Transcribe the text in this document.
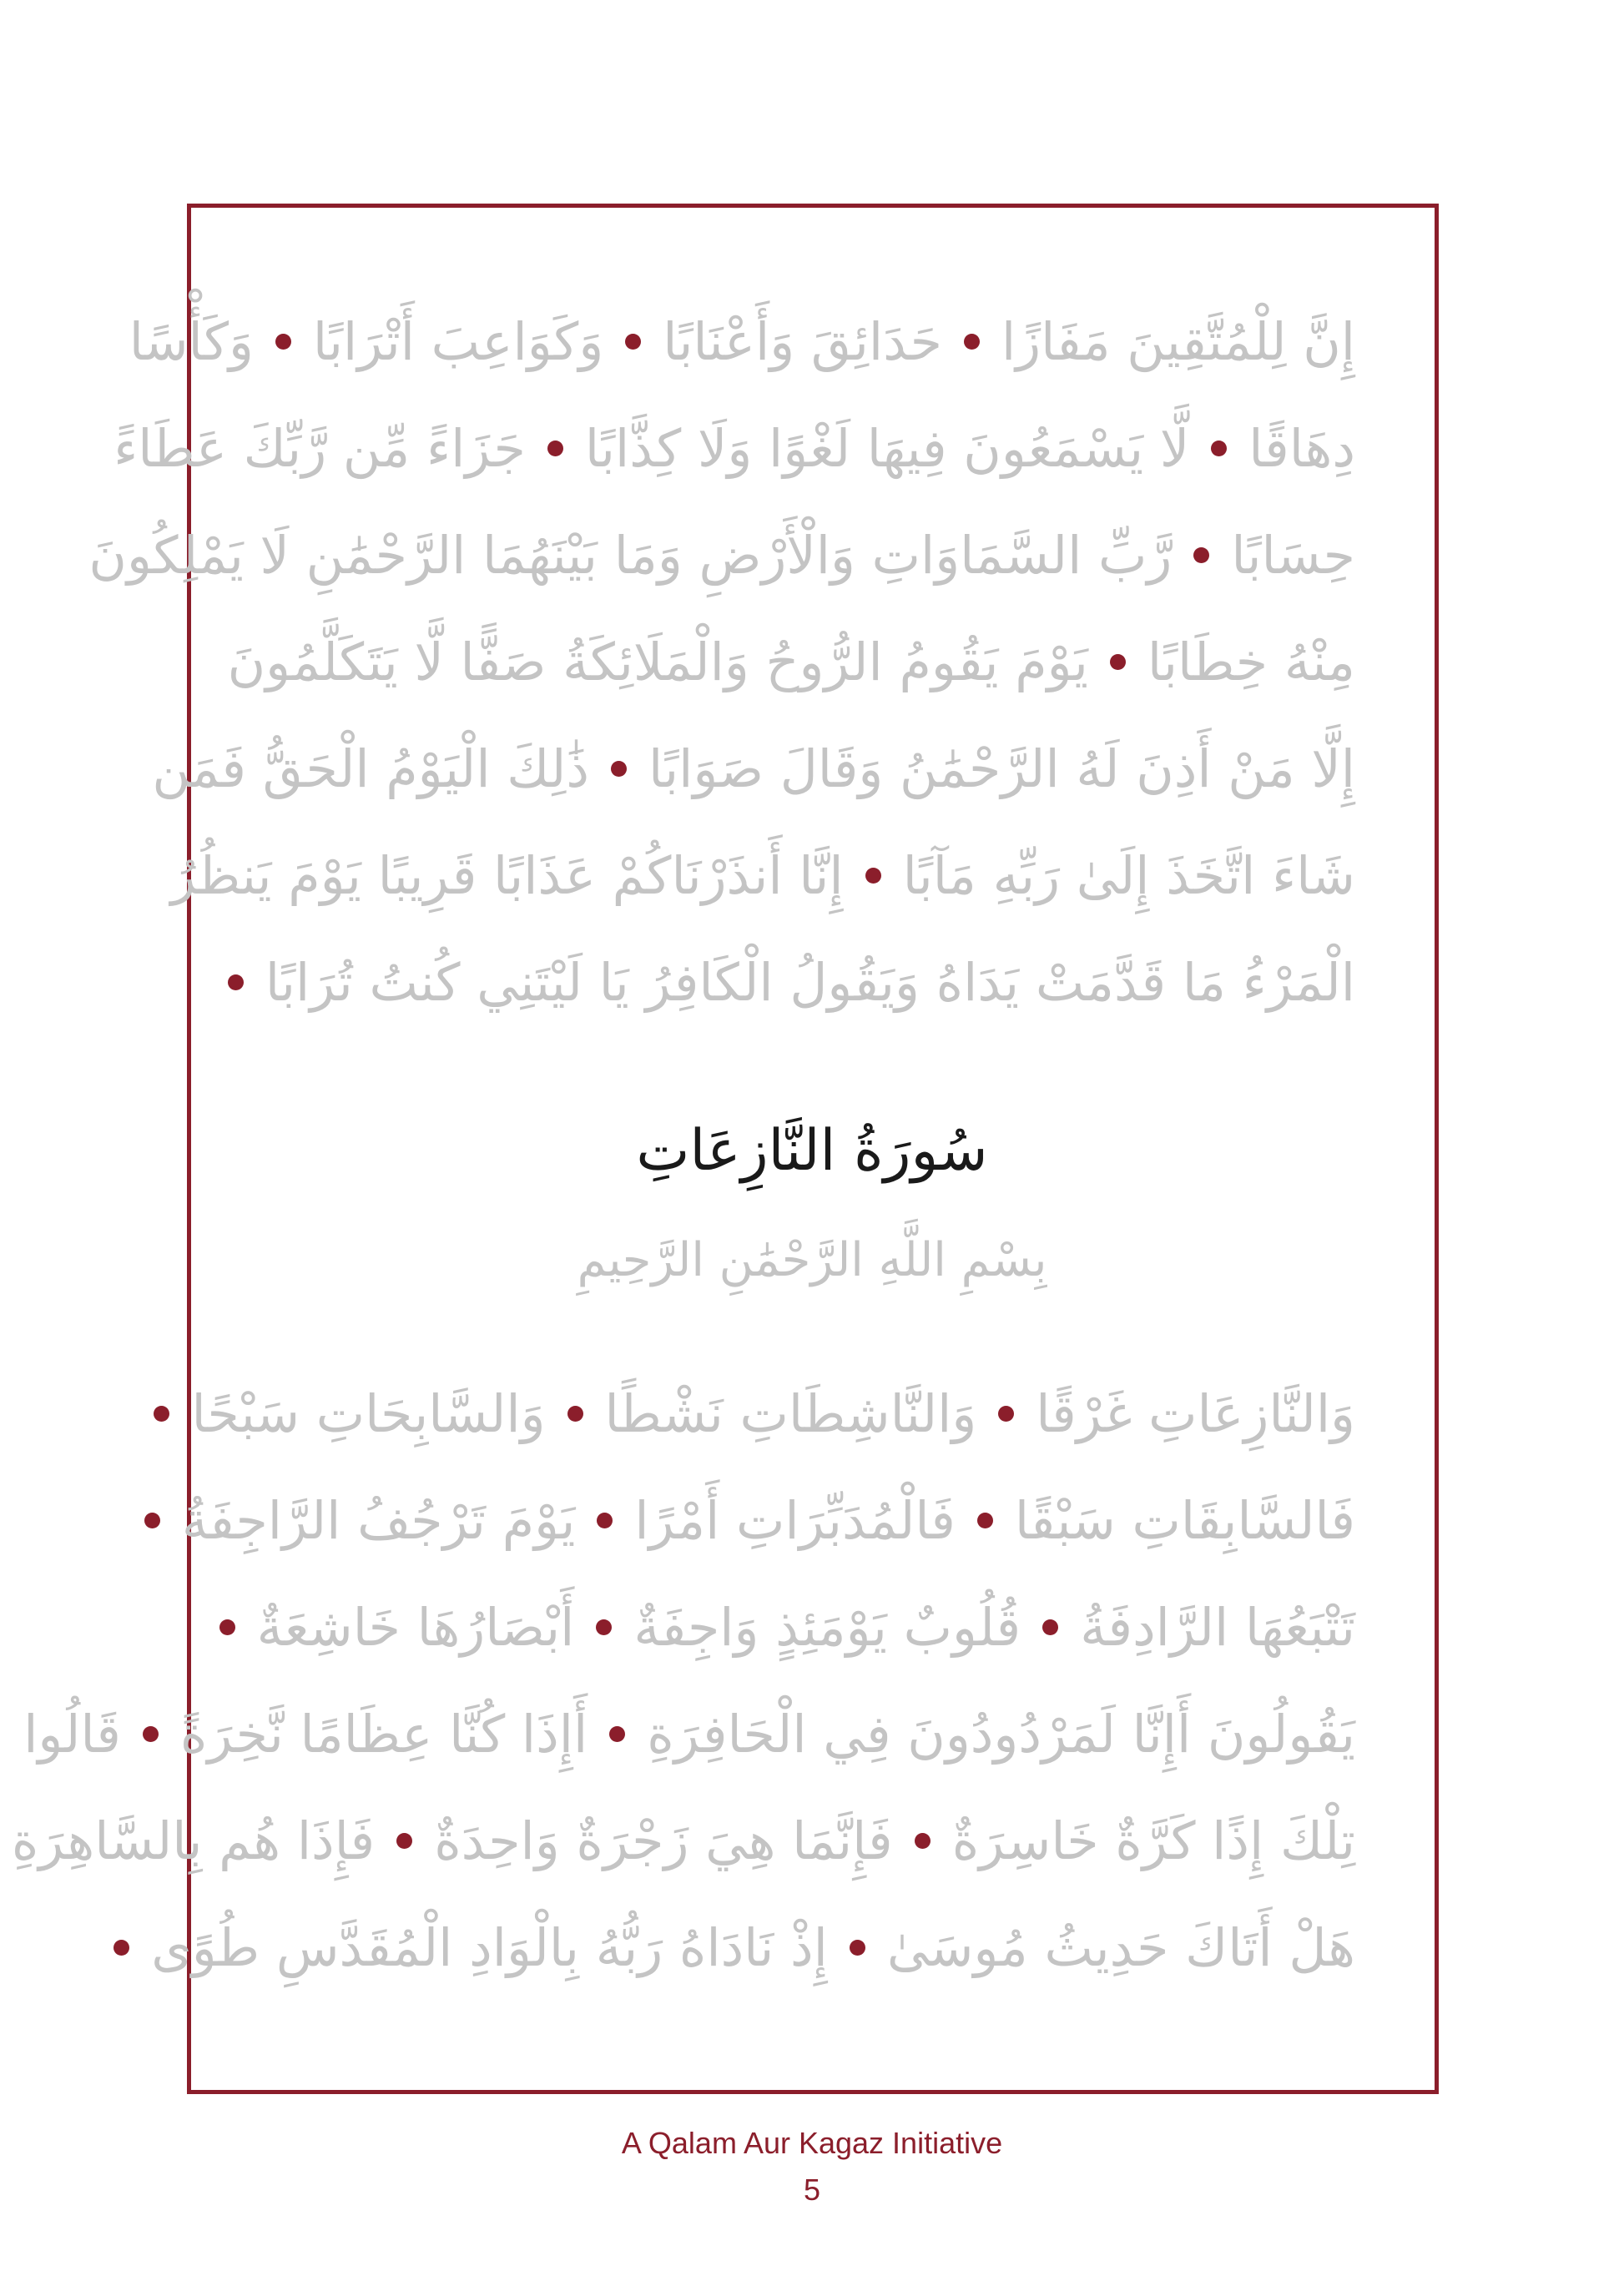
إِنَّ لِلْمُتَّقِينَ مَفَازًا
حَدَائِقَ وَأَعْنَابًا
وَكَوَاعِبَ أَتْرَابًا
وَكَأْسًا
دِهَاقًا
لَّا يَسْمَعُونَ فِيهَا لَغْوًا وَلَا كِذَّابًا
جَزَاءً مِّن رَّبِّكَ عَطَاءً
حِسَابًا
رَّبِّ السَّمَاوَاتِ وَالْأَرْضِ وَمَا بَيْنَهُمَا الرَّحْمَٰنِ لَا يَمْلِكُونَ
مِنْهُ خِطَابًا
يَوْمَ يَقُومُ الرُّوحُ وَالْمَلَائِكَةُ صَفًّا لَّا يَتَكَلَّمُونَ
إِلَّا مَنْ أَذِنَ لَهُ الرَّحْمَٰنُ وَقَالَ صَوَابًا
ذَٰلِكَ الْيَوْمُ الْحَقُّ فَمَن
شَاءَ اتَّخَذَ إِلَىٰ رَبِّهِ مَآبًا
إِنَّا أَنذَرْنَاكُمْ عَذَابًا قَرِيبًا يَوْمَ يَنظُرُ
الْمَرْءُ مَا قَدَّمَتْ يَدَاهُ وَيَقُولُ الْكَافِرُ يَا لَيْتَنِي كُنتُ تُرَابًا
سُورَةُ النَّازِعَاتِ
بِسْمِ اللَّهِ الرَّحْمَٰنِ الرَّحِيمِ
وَالنَّازِعَاتِ غَرْقًا
وَالنَّاشِطَاتِ نَشْطًا
وَالسَّابِحَاتِ سَبْحًا
فَالسَّابِقَاتِ سَبْقًا
فَالْمُدَبِّرَاتِ أَمْرًا
يَوْمَ تَرْجُفُ الرَّاجِفَةُ
تَتْبَعُهَا الرَّادِفَةُ
قُلُوبٌ يَوْمَئِذٍ وَاجِفَةٌ
أَبْصَارُهَا خَاشِعَةٌ
يَقُولُونَ أَإِنَّا لَمَرْدُودُونَ فِي الْحَافِرَةِ
أَإِذَا كُنَّا عِظَامًا نَّخِرَةً
قَالُوا
تِلْكَ إِذًا كَرَّةٌ خَاسِرَةٌ
فَإِنَّمَا هِيَ زَجْرَةٌ وَاحِدَةٌ
فَإِذَا هُم بِالسَّاهِرَةِ
هَلْ أَتَاكَ حَدِيثُ مُوسَىٰ
إِذْ نَادَاهُ رَبُّهُ بِالْوَادِ الْمُقَدَّسِ طُوًى
A Qalam Aur Kagaz Initiative
5
